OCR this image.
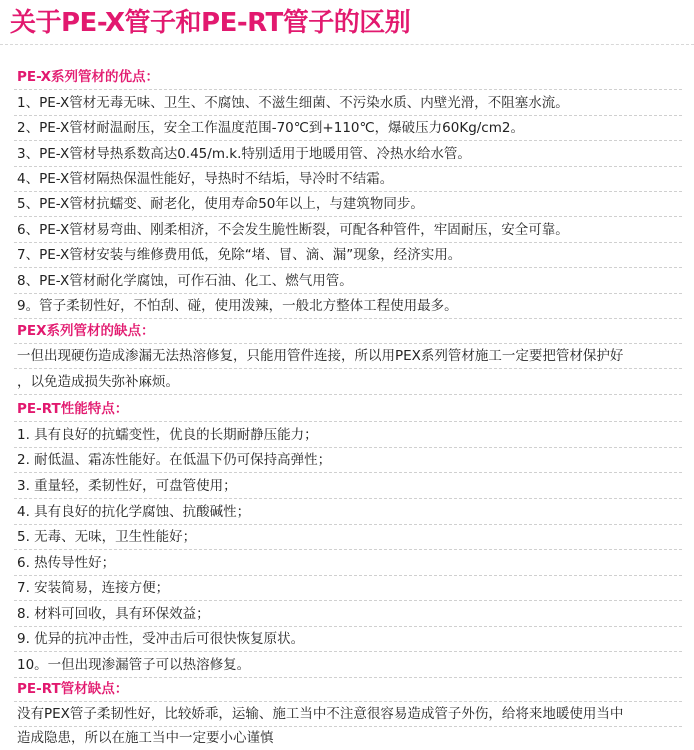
关于PE-X管子和PE-RT管子的区别
PE-X系列管材的优点：
1、PE-X管材无毒无味、卫生、不腐蚀、不滋生细菌、不污染水质、内壁光滑，不阻塞水流。
2、PE-X管材耐温耐压，安全工作温度范围-70℃到+110℃，爆破压力60Kg/cm2。
3、PE-X管材导热系数高达0.45/m.k.特别适用于地暖用管、冷热水给水管。
4、PE-X管材隔热保温性能好，导热时不结垢，导冷时不结霜。
5、PE-X管材抗蠕变、耐老化，使用寿命50年以上，与建筑物同步。
6、PE-X管材易弯曲、刚柔相济，不会发生脆性断裂，可配各种管件，牢固耐压，安全可靠。
7、PE-X管材安装与维修费用低，免除“堵、冒、滴、漏”现象，经济实用。
8、PE-X管材耐化学腐蚀，可作石油、化工、燃气用管。
9。管子柔韧性好，不怕刮、碰，使用泼辣，一般北方整体工程使用最多。
PEX系列管材的缺点：
一但出现硬伤造成渗漏无法热溶修复，只能用管件连接，所以用PEX系列管材施工一定要把管材保护好
，以免造成损失弥补麻烦。
PE-RT性能特点：
1. 具有良好的抗蠕变性，优良的长期耐静压能力；
2. 耐低温、霜冻性能好。在低温下仍可保持高弹性；
3. 重量轻，柔韧性好，可盘管使用；
4. 具有良好的抗化学腐蚀、抗酸碱性；
5. 无毒、无味，卫生性能好；
6. 热传导性好；
7. 安装简易，连接方便；
8. 材料可回收，具有环保效益；
9. 优异的抗冲击性，受冲击后可很快恢复原状。
10。一但出现渗漏管子可以热溶修复。
PE-RT管材缺点：
没有PEX管子柔韧性好，比较娇乖，运输、施工当中不注意很容易造成管子外伤，给将来地暖使用当中
造成隐患，所以在施工当中一定要小心谨慎
